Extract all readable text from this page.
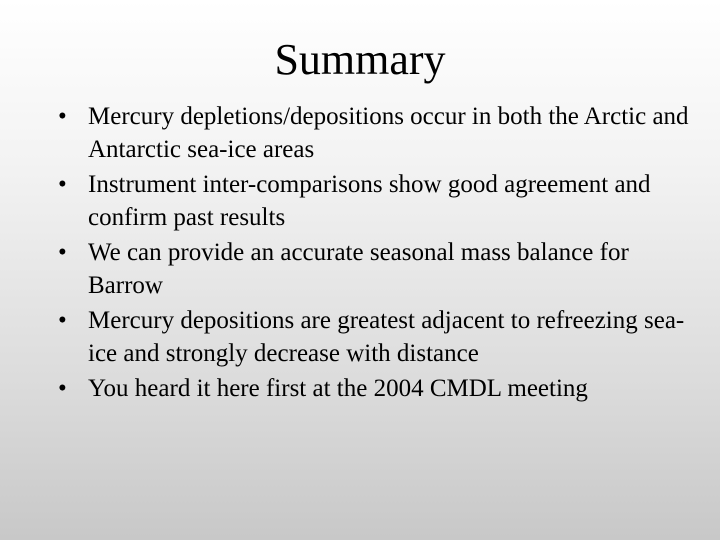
Summary
• Mercury depletions/depositions occur in both the Arctic and Antarctic sea-ice areas
• Instrument inter-comparisons show good agreement and confirm past results
• We can provide an accurate seasonal mass balance for Barrow
• Mercury depositions are greatest adjacent to refreezing sea-ice and strongly decrease with distance
• You heard it here first at the 2004 CMDL meeting
